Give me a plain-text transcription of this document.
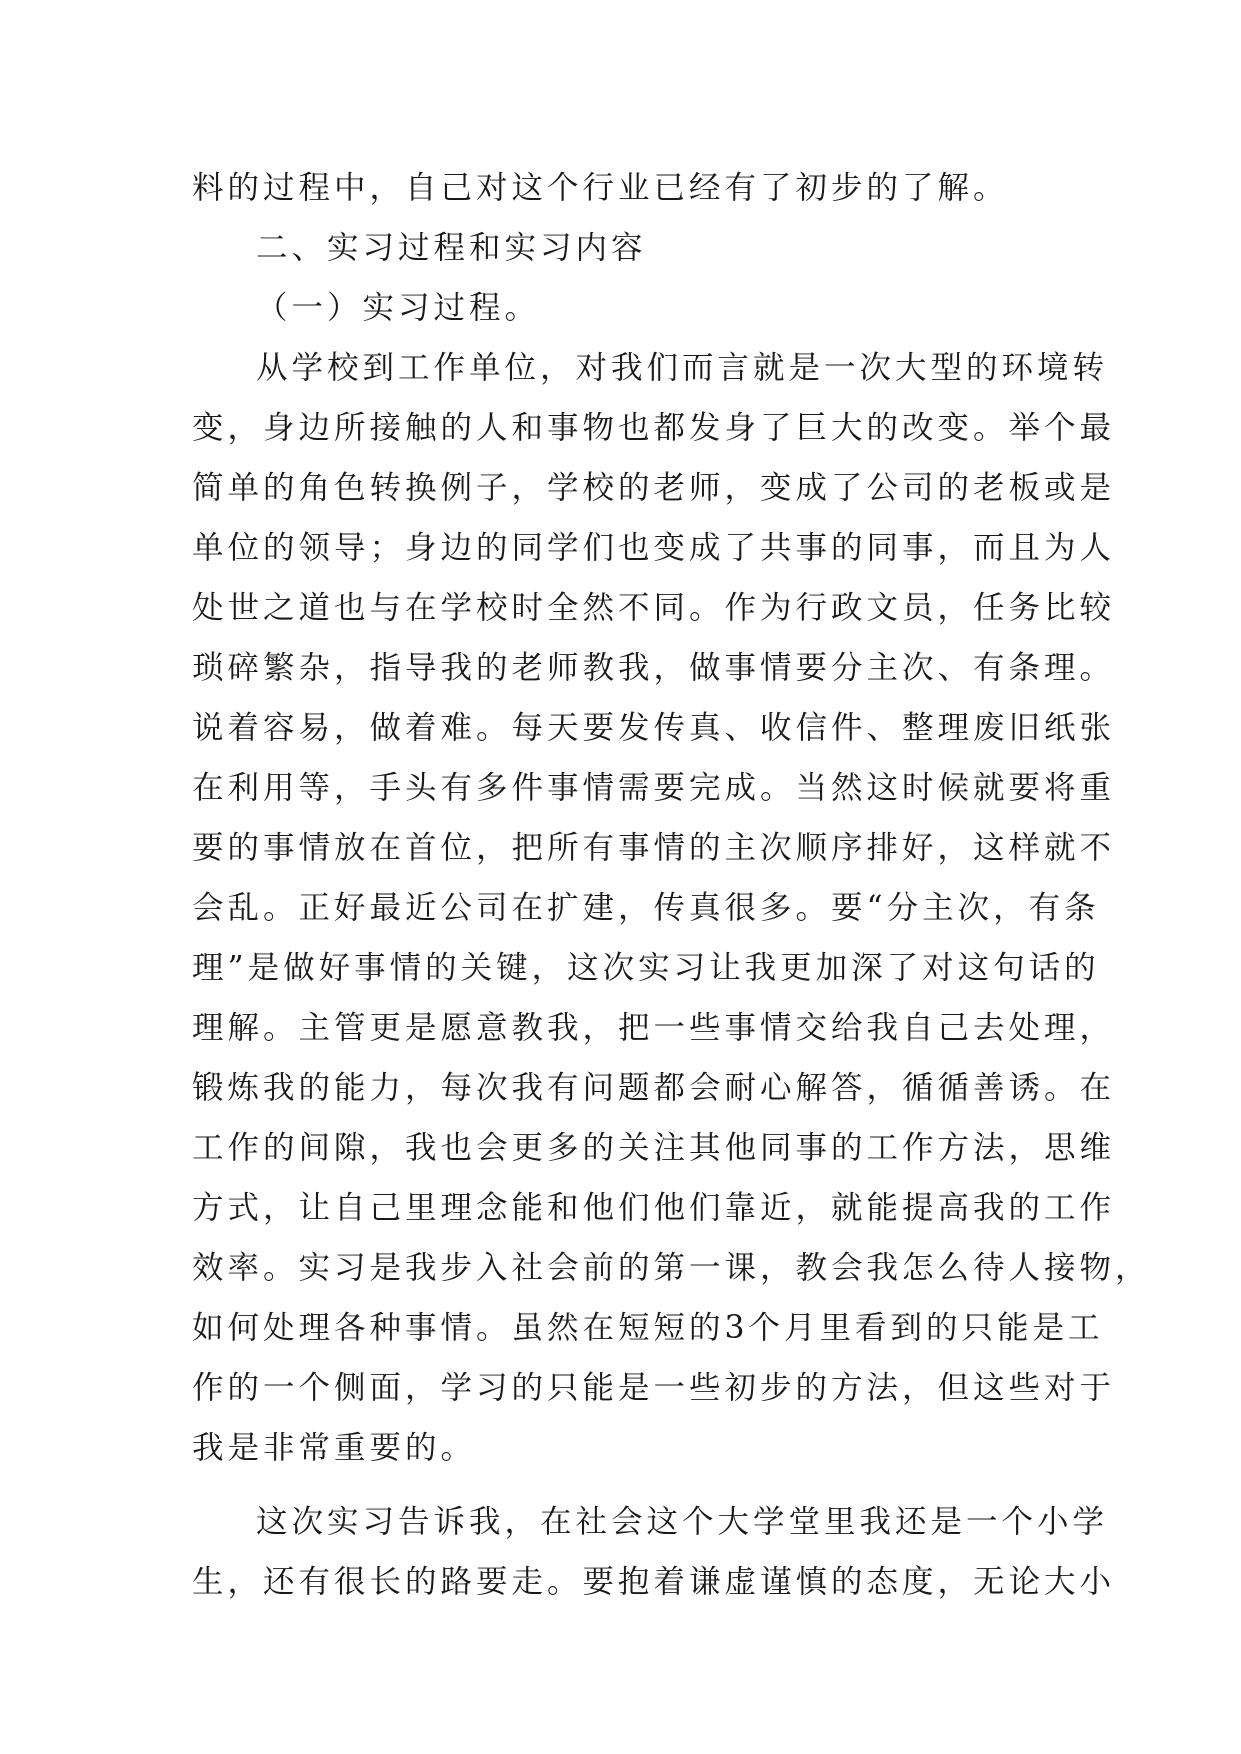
料的过程中，自己对这个行业已经有了初步的了解。
二、实习过程和实习内容
（一）实习过程。
从学校到工作单位，对我们而言就是一次大型的环境转
变，身边所接触的人和事物也都发身了巨大的改变。举个最
简单的角色转换例子，学校的老师，变成了公司的老板或是
单位的领导；身边的同学们也变成了共事的同事，而且为人
处世之道也与在学校时全然不同。作为行政文员，任务比较
琐碎繁杂，指导我的老师教我，做事情要分主次、有条理。
说着容易，做着难。每天要发传真、收信件、整理废旧纸张
在利用等，手头有多件事情需要完成。当然这时候就要将重
要的事情放在首位，把所有事情的主次顺序排好，这样就不
会乱。正好最近公司在扩建，传真很多。要“分主次，有条
理”是做好事情的关键，这次实习让我更加深了对这句话的
理解。主管更是愿意教我，把一些事情交给我自己去处理，
锻炼我的能力，每次我有问题都会耐心解答，循循善诱。在
工作的间隙，我也会更多的关注其他同事的工作方法，思维
方式，让自己里理念能和他们他们靠近，就能提高我的工作
效率。实习是我步入社会前的第一课，教会我怎么待人接物，
如何处理各种事情。虽然在短短的3个月里看到的只能是工
作的一个侧面，学习的只能是一些初步的方法，但这些对于
我是非常重要的。
这次实习告诉我，在社会这个大学堂里我还是一个小学
生，还有很长的路要走。要抱着谦虚谨慎的态度，无论大小
